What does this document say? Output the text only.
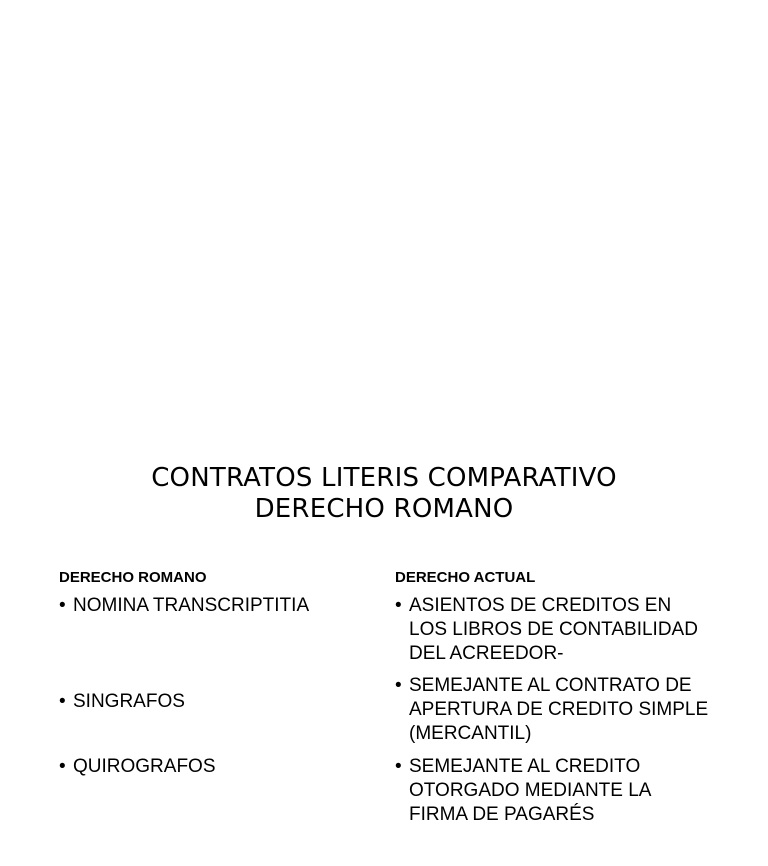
CONTRATOS LITERIS COMPARATIVO
DERECHO ROMANO
DERECHO ROMANO
• NOMINA TRANSCRIPTITIA
• SINGRAFOS
• QUIROGRAFOS
DERECHO ACTUAL
• ASIENTOS DE CREDITOS EN LOS LIBROS DE CONTABILIDAD DEL ACREEDOR-
• SEMEJANTE AL CONTRATO DE APERTURA DE CREDITO SIMPLE (MERCANTIL)
• SEMEJANTE AL CREDITO OTORGADO MEDIANTE LA FIRMA DE PAGARÉS
